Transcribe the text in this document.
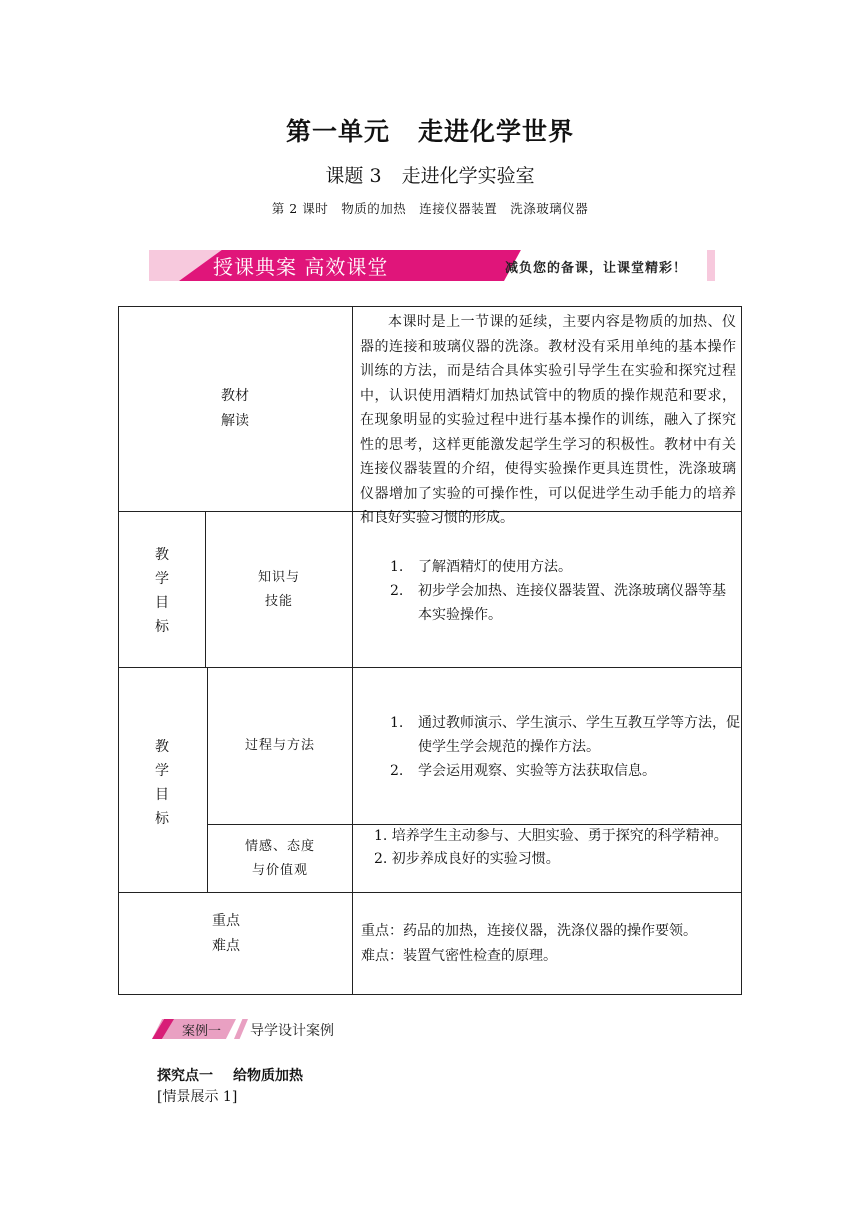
第一单元 走进化学世界
课题 3 走进化学实验室
第 2 课时　物质的加热　连接仪器装置　洗涤玻璃仪器
授课典案 高效课堂	减负您的备课，让课堂精彩！
教材
解读
本课时是上一节课的延续，主要内容是物质的加热、仪器的连接和玻璃仪器的洗涤。教材没有采用单纯的基本操作训练的方法，而是结合具体实验引导学生在实验和探究过程中，认识使用酒精灯加热试管中的物质的操作规范和要求，在现象明显的实验过程中进行基本操作的训练，融入了探究性的思考，这样更能激发起学生学习的积极性。教材中有关连接仪器装置的介绍，使得实验操作更具连贯性，洗涤玻璃仪器增加了实验的可操作性，可以促进学生动手能力的培养和良好实验习惯的形成。
教
学
目
标
知识与
技能
1. 了解酒精灯的使用方法。
2. 初步学会加热、连接仪器装置、洗涤玻璃仪器等基本实验操作。
教
学
目
标
过程与方法
1. 通过教师演示、学生演示、学生互教互学等方法，促使学生学会规范的操作方法。
2. 学会运用观察、实验等方法获取信息。
情感、态度
与价值观
1. 培养学生主动参与、大胆实验、勇于探究的科学精神。
2. 初步养成良好的实验习惯。
重点
难点
重点：药品的加热，连接仪器，洗涤仪器的操作要领。
难点：装置气密性检查的原理。
案例一 导学设计案例
探究点一 给物质加热
[情景展示 1]
